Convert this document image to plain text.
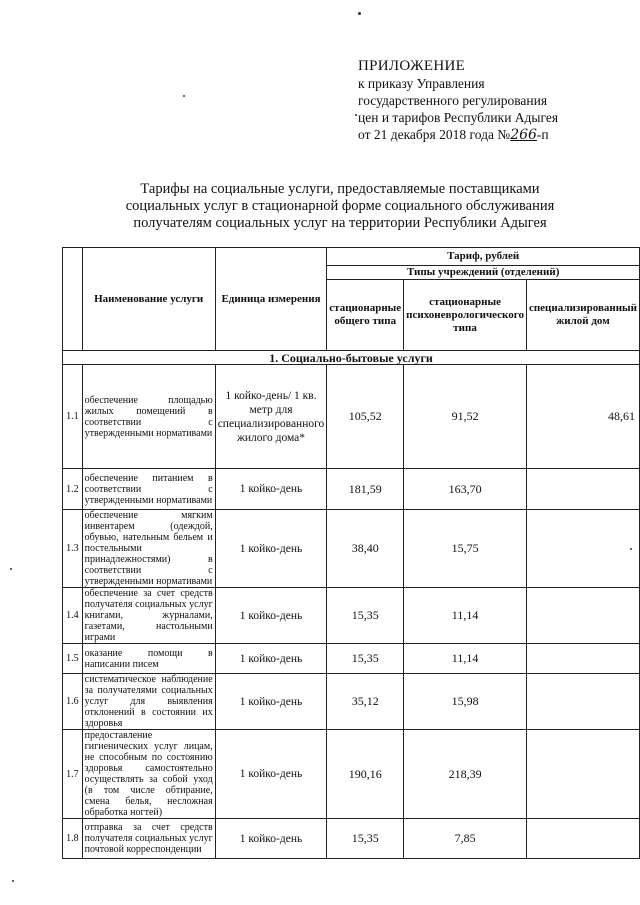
ПРИЛОЖЕНИЕ
к приказу Управления
государственного регулирования
цен и тарифов Республики Адыгея
от 21 декабря 2018 года №266-п
Тарифы на социальные услуги, предоставляемые поставщиками
социальных услуг в стационарной форме социального обслуживания
получателям социальных услуг на территории Республики Адыгея
	Наименование услуги	Единица измерения	Тариф, рублей		
			Типы учреждений (отделений)		
			стационарные общего типа	стационарные психоневрологического типа	специализированный жилой дом
1. Социально-бытовые услуги					
1.1	обеспечение площадью жилых помещений в соответствии с утвержденными нормативами	1 койко-день/ 1 кв. метр для специализированного жилого дома*	105,52	91,52	48,61
1.2	обеспечение питанием в соответствии с утвержденными нормативами	1 койко-день	181,59	163,70	
1.3	обеспечение мягким инвентарем (одеждой, обувью, нательным бельем и постельными принадлежностями) в соответствии с утвержденными нормативами	1 койко-день	38,40	15,75	
1.4	обеспечение за счет средств получателя социальных услуг книгами, журналами, газетами, настольными играми	1 койко-день	15,35	11,14	
1.5	оказание помощи в написании писем	1 койко-день	15,35	11,14	
1.6	систематическое наблюдение за получателями социальных услуг для выявления отклонений в состоянии их здоровья	1 койко-день	35,12	15,98	
1.7	предоставление гигиенических услуг лицам, не способным по состоянию здоровья самостоятельно осуществлять за собой уход (в том числе обтирание, смена белья, несложная обработка ногтей)	1 койко-день	190,16	218,39	
1.8	отправка за счет средств получателя социальных услуг почтовой корреспонденции	1 койко-день	15,35	7,85	
